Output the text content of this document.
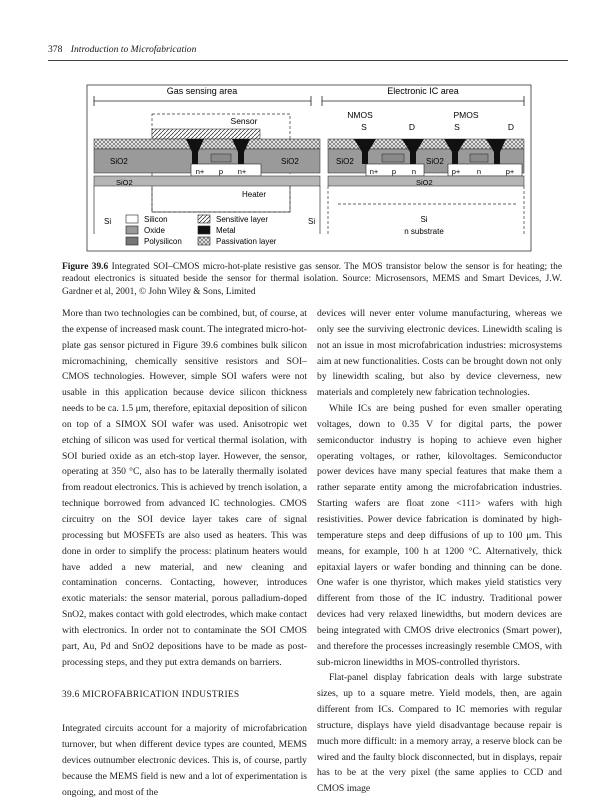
378 Introduction to Microfabrication
Gas sensing area	Electronic IC area
Sensor
NMOS	PMOS
S	D	S	D
SiO2	SiO2	SiO2	SiO2
n+ p n+	n+ p n	p+ n	p+
SiO2	SiO2
Heater
Si	Si	Si
n substrate
Silicon
Oxide
Polysilicon
Sensitive layer
Metal
Passivation layer
Figure 39.6 Integrated SOI–CMOS micro-hot-plate resistive gas sensor. The MOS transistor below the sensor is for heating; the readout electronics is situated beside the sensor for thermal isolation. Source: Microsensors, MEMS and Smart Devices, J.W. Gardner et al, 2001, © John Wiley & Sons, Limited

More than two technologies can be combined, but, of course, at the expense of increased mask count. The integrated micro-hot-plate gas sensor pictured in Figure 39.6 combines bulk silicon micromachining, chemically sensitive resistors and SOI–CMOS technologies. However, simple SOI wafers were not usable in this application because device silicon thickness needs to be ca. 1.5 μm, therefore, epitaxial deposition of silicon on top of a SIMOX SOI wafer was used. Anisotropic wet etching of silicon was used for vertical thermal isolation, with SOI buried oxide as an etch-stop layer. However, the sensor, operating at 350 °C, also has to be laterally thermally isolated from readout electronics. This is achieved by trench isolation, a technique borrowed from advanced IC technologies. CMOS circuitry on the SOI device layer takes care of signal processing but MOSFETs are also used as heaters. This was done in order to simplify the process: platinum heaters would have added a new material, and new cleaning and contamination concerns. Contacting, however, introduces exotic materials: the sensor material, porous palladium-doped SnO2, makes contact with gold electrodes, which make contact with electronics. In order not to contaminate the SOI CMOS part, Au, Pd and SnO2 depositions have to be made as post-processing steps, and they put extra demands on barriers.

39.6 MICROFABRICATION INDUSTRIES

Integrated circuits account for a majority of microfabrication turnover, but when different device types are counted, MEMS devices outnumber electronic devices. This is, of course, partly because the MEMS field is new and a lot of experimentation is ongoing, and most of the

devices will never enter volume manufacturing, whereas we only see the surviving electronic devices. Linewidth scaling is not an issue in most microfabrication industries: microsystems aim at new functionalities. Costs can be brought down not only by linewidth scaling, but also by device cleverness, new materials and completely new fabrication technologies.

While ICs are being pushed for even smaller operating voltages, down to 0.35 V for digital parts, the power semiconductor industry is hoping to achieve even higher operating voltages, or rather, kilovoltages. Semiconductor power devices have many special features that make them a rather separate entity among the microfabrication industries. Starting wafers are float zone <111> wafers with high resistivities. Power device fabrication is dominated by high-temperature steps and deep diffusions of up to 100 μm. This means, for example, 100 h at 1200 °C. Alternatively, thick epitaxial layers or wafer bonding and thinning can be done. One wafer is one thyristor, which makes yield statistics very different from those of the IC industry. Traditional power devices had very relaxed linewidths, but modern devices are being integrated with CMOS drive electronics (Smart power), and therefore the processes increasingly resemble CMOS, with sub-micron linewidths in MOS-controlled thyristors.

Flat-panel display fabrication deals with large substrate sizes, up to a square metre. Yield models, then, are again different from ICs. Compared to IC memories with regular structure, displays have yield disadvantage because repair is much more difficult: in a memory array, a reserve block can be wired and the faulty block disconnected, but in displays, repair has to be at the very pixel (the same applies to CCD and CMOS image
